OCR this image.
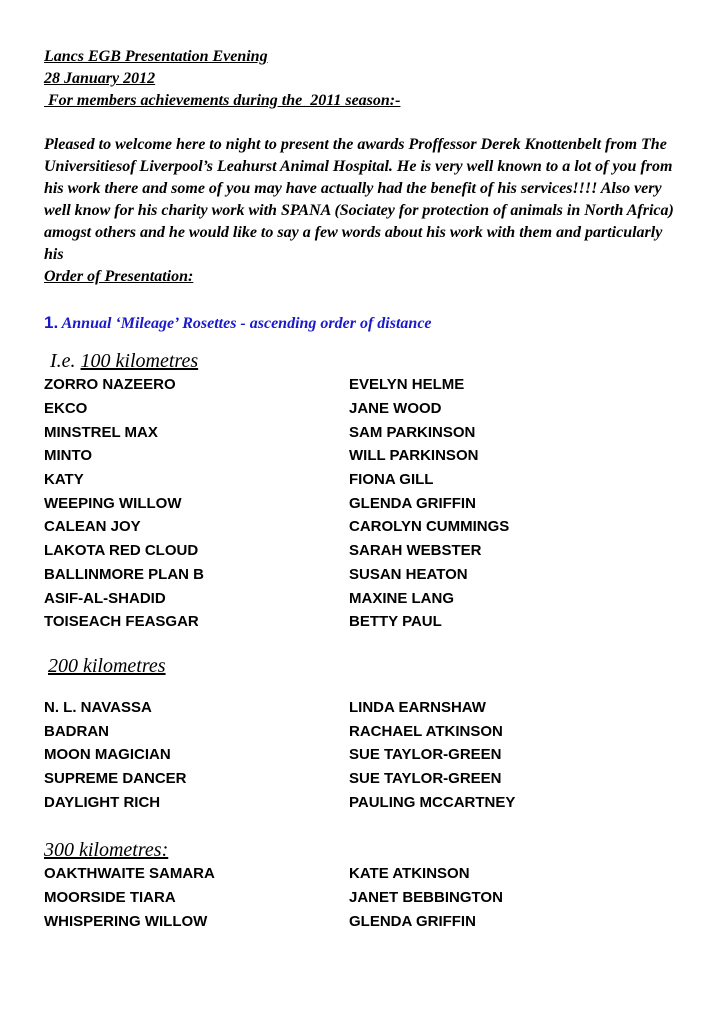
Lancs EGB Presentation Evening

28 January 2012

For members achievements during the  2011 season:-

Pleased to welcome here to night to present the awards Proffessor Derek Knottenbelt from The Universitiesof Liverpool’s Leahurst Animal Hospital. He is very well known to a lot of you from his work there and some of you may have actually had the benefit of his services!!!! Also very well know for his charity work with SPANA (Sociatey for protection of animals in North Africa) amogst others and he would like to say a few words about his work with them and particularly his

Order of Presentation:

1. Annual ‘Mileage’ Rosettes - ascending order of distance
I.e. 100 kilometres
ZORRO NAZEERO	EVELYN HELME
EKCO	JANE WOOD
MINSTREL MAX	SAM PARKINSON
MINTO	WILL PARKINSON
KATY	FIONA GILL
WEEPING WILLOW	GLENDA GRIFFIN
CALEAN JOY	CAROLYN CUMMINGS
LAKOTA RED CLOUD	SARAH WEBSTER
BALLINMORE PLAN B	SUSAN HEATON
ASIF-AL-SHADID	MAXINE LANG
TOISEACH FEASGAR	BETTY PAUL
200 kilometres
N. L. NAVASSA	LINDA EARNSHAW
BADRAN	RACHAEL ATKINSON
MOON MAGICIAN	SUE TAYLOR-GREEN
SUPREME DANCER	SUE TAYLOR-GREEN
DAYLIGHT RICH	PAULING MCCARTNEY
300 kilometres:
OAKTHWAITE SAMARA	KATE ATKINSON
MOORSIDE TIARA	JANET BEBBINGTON
WHISPERING WILLOW	GLENDA GRIFFIN
